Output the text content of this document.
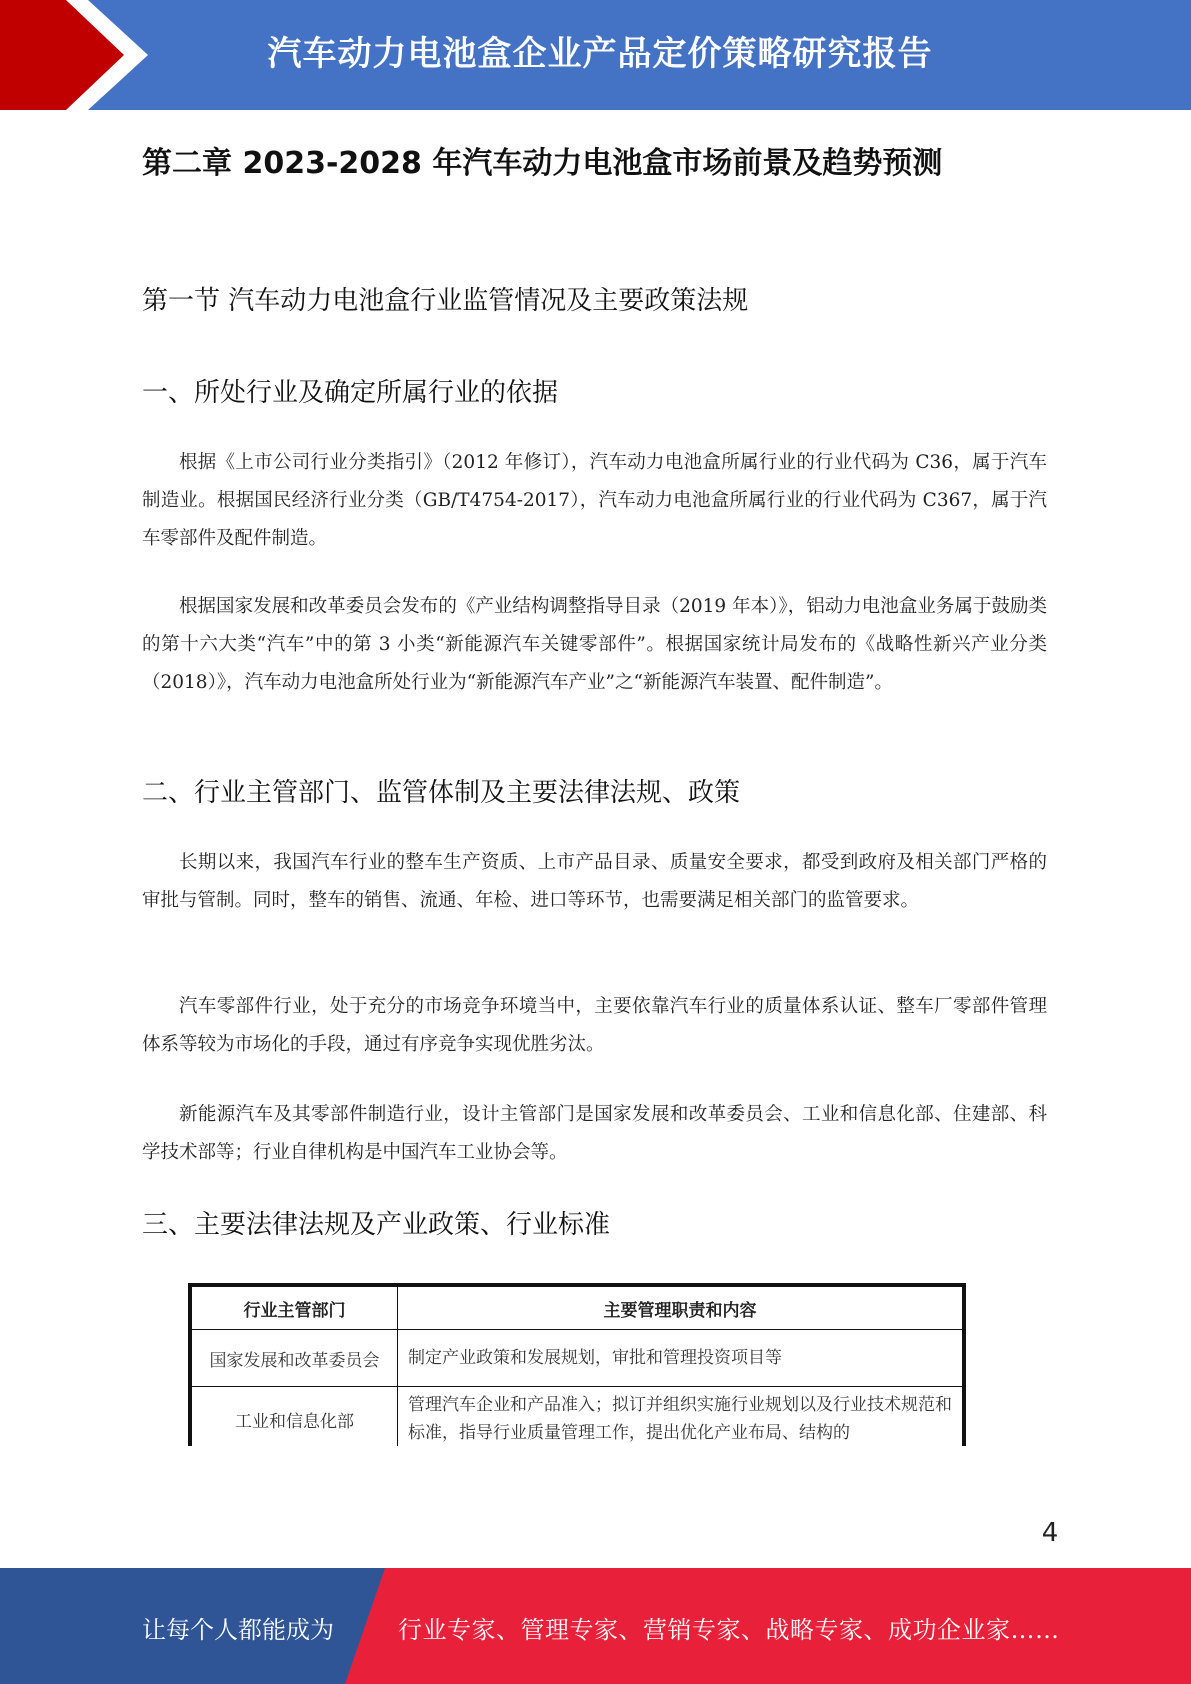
汽车动力电池盒企业产品定价策略研究报告
第二章 2023-2028 年汽车动力电池盒市场前景及趋势预测
第一节 汽车动力电池盒行业监管情况及主要政策法规
一、所处行业及确定所属行业的依据

根据《上市公司行业分类指引》（2012 年修订），汽车动力电池盒所属行业的行业代码为 C36，属于汽车制造业。根据国民经济行业分类（GB/T4754-2017），汽车动力电池盒所属行业的行业代码为 C367，属于汽车零部件及配件制造。

根据国家发展和改革委员会发布的《产业结构调整指导目录（2019 年本）》，铝动力电池盒业务属于鼓励类的第十六大类“汽车”中的第 3 小类“新能源汽车关键零部件”。根据国家统计局发布的《战略性新兴产业分类（2018）》，汽车动力电池盒所处行业为“新能源汽车产业”之“新能源汽车装置、配件制造”。

二、行业主管部门、监管体制及主要法律法规、政策

长期以来，我国汽车行业的整车生产资质、上市产品目录、质量安全要求，都受到政府及相关部门严格的审批与管制。同时，整车的销售、流通、年检、进口等环节，也需要满足相关部门的监管要求。

汽车零部件行业，处于充分的市场竞争环境当中，主要依靠汽车行业的质量体系认证、整车厂零部件管理体系等较为市场化的手段，通过有序竞争实现优胜劣汰。

新能源汽车及其零部件制造行业，设计主管部门是国家发展和改革委员会、工业和信息化部、住建部、科学技术部等；行业自律机构是中国汽车工业协会等。

三、主要法律法规及产业政策、行业标准
行业主管部门	主要管理职责和内容
国家发展和改革委员会	制定产业政策和发展规划，审批和管理投资项目等
工业和信息化部	管理汽车企业和产品准入；拟订并组织实施行业规划以及行业技术规范和标准，指导行业质量管理工作，提出优化产业布局、结构的
4
让每个人都能成为	行业专家、管理专家、营销专家、战略专家、成功企业家……
